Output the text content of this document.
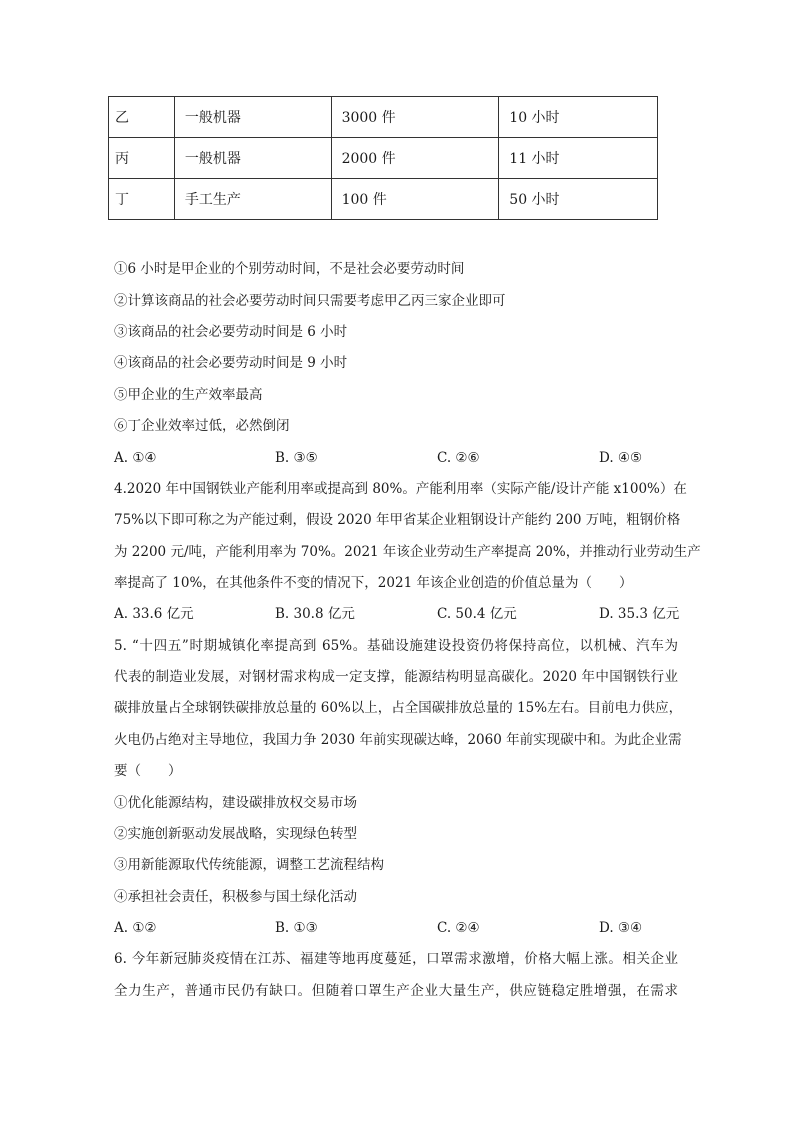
乙	一般机器	3000 件	10 小时
丙	一般机器	2000 件	11 小时
丁	手工生产	100 件	50 小时
①6 小时是甲企业的个别劳动时间，不是社会必要劳动时间
②计算该商品的社会必要劳动时间只需要考虑甲乙丙三家企业即可
③该商品的社会必要劳动时间是 6 小时
④该商品的社会必要劳动时间是 9 小时
⑤甲企业的生产效率最高
⑥丁企业效率过低，必然倒闭
A. ①④	B. ③⑤	C. ②⑥	D. ④⑤
4.2020 年中国钢铁业产能利用率或提高到 80%。产能利用率（实际产能/设计产能 x100%）在
75%以下即可称之为产能过剩，假设 2020 年甲省某企业粗钢设计产能约 200 万吨，粗钢价格
为 2200 元/吨，产能利用率为 70%。2021 年该企业劳动生产率提高 20%，并推动行业劳动生产
率提高了 10%，在其他条件不变的情况下，2021 年该企业创造的价值总量为（　　）
A. 33.6 亿元	B. 30.8 亿元	C. 50.4 亿元	D. 35.3 亿元
5. “十四五”时期城镇化率提高到 65%。基础设施建设投资仍将保持高位，以机械、汽车为
代表的制造业发展，对钢材需求构成一定支撑，能源结构明显高碳化。2020 年中国钢铁行业
碳排放量占全球钢铁碳排放总量的 60%以上，占全国碳排放总量的 15%左右。目前电力供应，
火电仍占绝对主导地位，我国力争 2030 年前实现碳达峰，2060 年前实现碳中和。为此企业需
要（　　）
①优化能源结构，建设碳排放权交易市场
②实施创新驱动发展战略，实现绿色转型
③用新能源取代传统能源，调整工艺流程结构
④承担社会责任，积极参与国土绿化活动
A. ①②	B. ①③	C. ②④	D. ③④
6. 今年新冠肺炎疫情在江苏、福建等地再度蔓延，口罩需求激增，价格大幅上涨。相关企业
全力生产，普通市民仍有缺口。但随着口罩生产企业大量生产，供应链稳定胜增强，在需求
